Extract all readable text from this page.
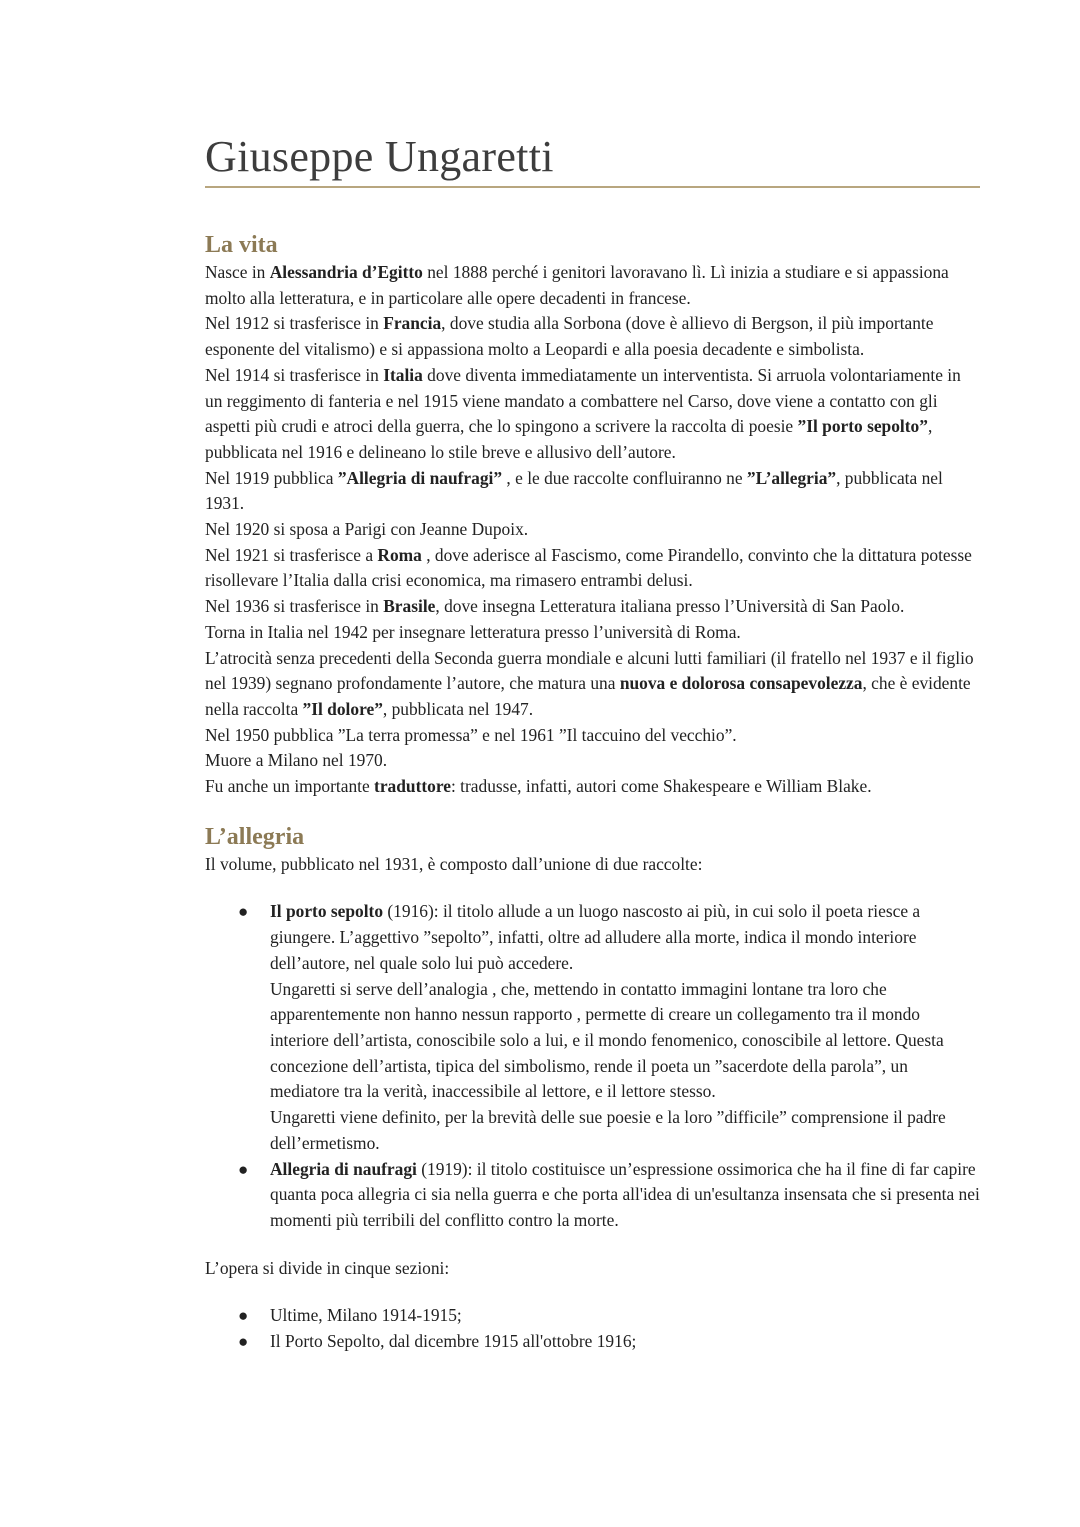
Giuseppe Ungaretti
La vita

Nasce in Alessandria d’Egitto nel 1888 perché i genitori lavoravano lì. Lì inizia a studiare e si appassiona molto alla letteratura, e in particolare alle opere decadenti in francese.

Nel 1912 si trasferisce in Francia, dove studia alla Sorbona (dove è allievo di Bergson, il più importante esponente del vitalismo) e si appassiona molto a Leopardi e alla poesia decadente e simbolista.

Nel 1914 si trasferisce in Italia dove diventa immediatamente un interventista. Si arruola volontariamente in un reggimento di fanteria e nel 1915 viene mandato a combattere nel Carso, dove viene a contatto con gli aspetti più crudi e atroci della guerra, che lo spingono a scrivere la raccolta di poesie ”Il porto sepolto”, pubblicata nel 1916 e delineano lo stile breve e allusivo dell’autore.

Nel 1919 pubblica ”Allegria di naufragi” , e le due raccolte confluiranno ne ”L’allegria”, pubblicata nel 1931.

Nel 1920 si sposa a Parigi con Jeanne Dupoix.

Nel 1921 si trasferisce a Roma , dove aderisce al Fascismo, come Pirandello, convinto che la dittatura potesse risollevare l’Italia dalla crisi economica, ma rimasero entrambi delusi.

Nel 1936 si trasferisce in Brasile, dove insegna Letteratura italiana presso l’Università di San Paolo.

Torna in Italia nel 1942 per insegnare letteratura presso l’università di Roma.

L’atrocità senza precedenti della Seconda guerra mondiale e alcuni lutti familiari (il fratello nel 1937 e il figlio nel 1939) segnano profondamente l’autore, che matura una nuova e dolorosa consapevolezza, che è evidente nella raccolta ”Il dolore”, pubblicata nel 1947.

Nel 1950 pubblica ”La terra promessa” e nel 1961 ”Il taccuino del vecchio”.

Muore a Milano nel 1970.

Fu anche un importante traduttore: tradusse, infatti, autori come Shakespeare e William Blake.

L’allegria

Il volume, pubblicato nel 1931, è composto dall’unione di due raccolte:

● Il porto sepolto (1916): il titolo allude a un luogo nascosto ai più, in cui solo il poeta riesce a giungere. L’aggettivo ”sepolto”, infatti, oltre ad alludere alla morte, indica il mondo interiore dell’autore, nel quale solo lui può accedere.
Ungaretti si serve dell’analogia , che, mettendo in contatto immagini lontane tra loro che apparentemente non hanno nessun rapporto , permette di creare un collegamento tra il mondo interiore dell’artista, conoscibile solo a lui, e il mondo fenomenico, conoscibile al lettore. Questa concezione dell’artista, tipica del simbolismo, rende il poeta un ”sacerdote della parola”, un mediatore tra la verità, inaccessibile al lettore, e il lettore stesso.
Ungaretti viene definito, per la brevità delle sue poesie e la loro ”difficile” comprensione il padre dell’ermetismo.
● Allegria di naufragi (1919): il titolo costituisce un’espressione ossimorica che ha il fine di far capire quanta poca allegria ci sia nella guerra e che porta all'idea di un'esultanza insensata che si presenta nei momenti più terribili del conflitto contro la morte.

L’opera si divide in cinque sezioni:

● Ultime, Milano 1914-1915;
● Il Porto Sepolto, dal dicembre 1915 all'ottobre 1916;
